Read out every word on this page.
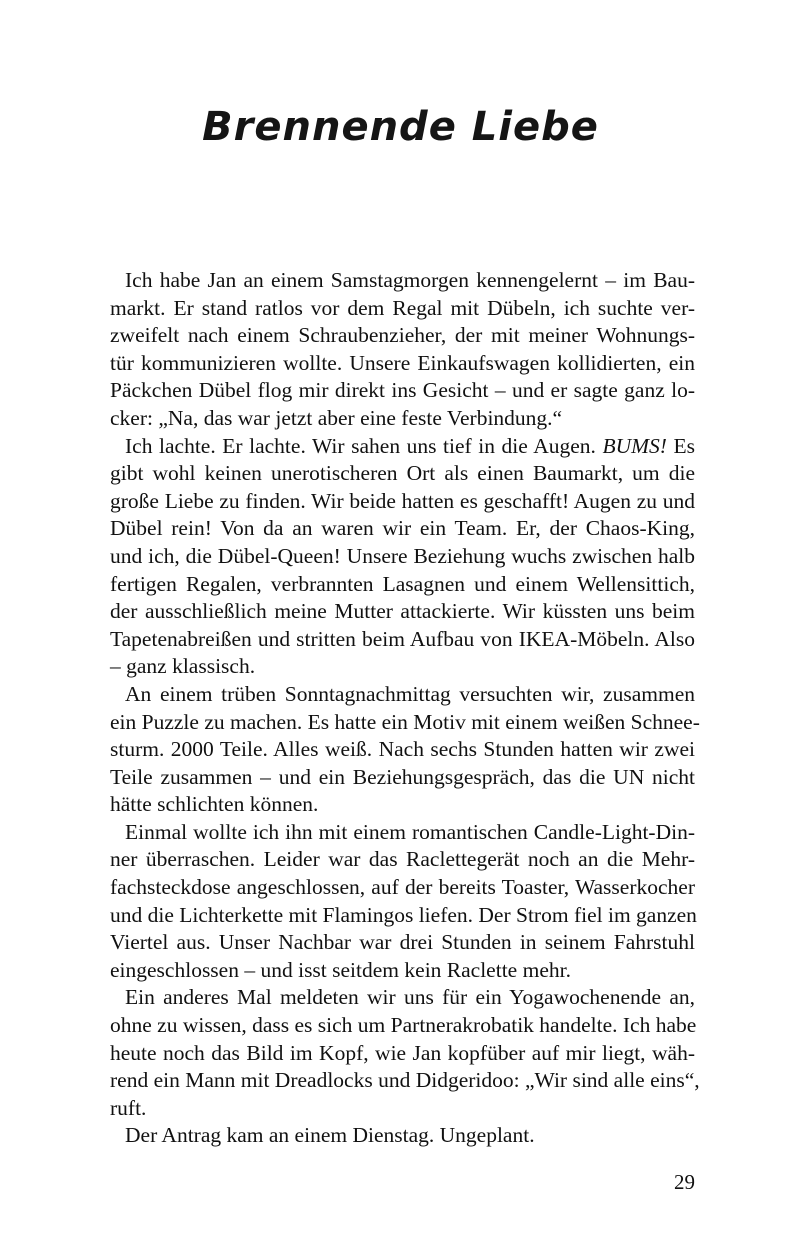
Brennende Liebe
Ich habe Jan an einem Samstagmorgen kennengelernt – im Bau-
markt. Er stand ratlos vor dem Regal mit Dübeln, ich suchte ver-
zweifelt nach einem Schraubenzieher, der mit meiner Wohnungs-
tür kommunizieren wollte. Unsere Einkaufswagen kollidierten, ein
Päckchen Dübel flog mir direkt ins Gesicht – und er sagte ganz lo-
cker: „Na, das war jetzt aber eine feste Verbindung.“
Ich lachte. Er lachte. Wir sahen uns tief in die Augen. BUMS! Es
gibt wohl keinen unerotischeren Ort als einen Baumarkt, um die
große Liebe zu finden. Wir beide hatten es geschafft! Augen zu und
Dübel rein! Von da an waren wir ein Team. Er, der Chaos-King,
und ich, die Dübel-Queen! Unsere Beziehung wuchs zwischen halb
fertigen Regalen, verbrannten Lasagnen und einem Wellensittich,
der ausschließlich meine Mutter attackierte. Wir küssten uns beim
Tapetenabreißen und stritten beim Aufbau von IKEA-Möbeln. Also
– ganz klassisch.
An einem trüben Sonntagnachmittag versuchten wir, zusammen
ein Puzzle zu machen. Es hatte ein Motiv mit einem weißen Schnee-
sturm. 2000 Teile. Alles weiß. Nach sechs Stunden hatten wir zwei
Teile zusammen – und ein Beziehungsgespräch, das die UN nicht
hätte schlichten können.
Einmal wollte ich ihn mit einem romantischen Candle-Light-Din-
ner überraschen. Leider war das Raclettegerät noch an die Mehr-
fachsteckdose angeschlossen, auf der bereits Toaster, Wasserkocher
und die Lichterkette mit Flamingos liefen. Der Strom fiel im ganzen
Viertel aus. Unser Nachbar war drei Stunden in seinem Fahrstuhl
eingeschlossen – und isst seitdem kein Raclette mehr.
Ein anderes Mal meldeten wir uns für ein Yogawochenende an,
ohne zu wissen, dass es sich um Partnerakrobatik handelte. Ich habe
heute noch das Bild im Kopf, wie Jan kopfüber auf mir liegt, wäh-
rend ein Mann mit Dreadlocks und Didgeridoo: „Wir sind alle eins“,
ruft.
Der Antrag kam an einem Dienstag. Ungeplant.
29
